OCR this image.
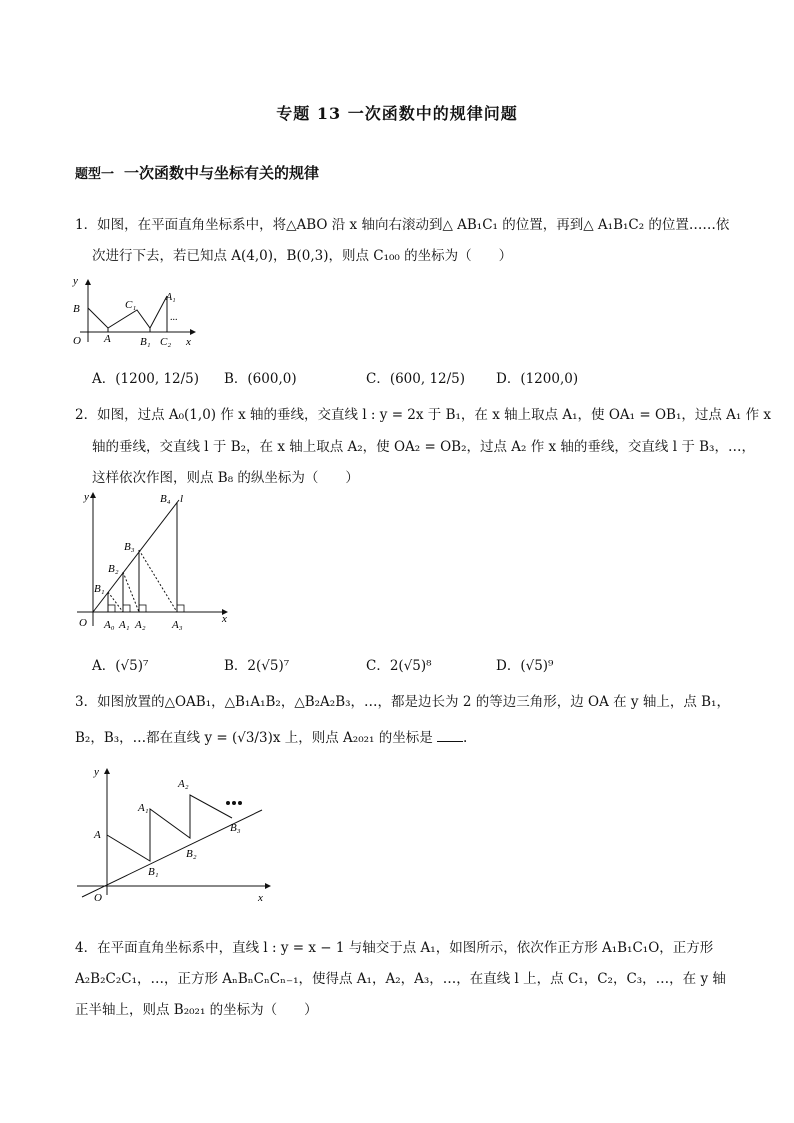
专题 13 一次函数中的规律问题
题型一 一次函数中与坐标有关的规律
1．如图，在平面直角坐标系中，将△ABO 沿 x 轴向右滚动到△ AB₁C₁ 的位置，再到△ A₁B₁C₂ 的位置……依
次进行下去，若已知点 A(4,0)，B(0,3)，则点 C₁₀₀ 的坐标为（　　）
y
O
B
A
C₁
B₁ C₂
A₁
...
x
A．(1200, 12/5) B．(600,0)	C．(600, 12/5) D．(1200,0)
2．如图，过点 A₀(1,0) 作 x 轴的垂线，交直线 l : y = 2x 于 B₁，在 x 轴上取点 A₁，使 OA₁ = OB₁，过点 A₁ 作 x
轴的垂线，交直线 l 于 B₂，在 x 轴上取点 A₂，使 OA₂ = OB₂，过点 A₂ 作 x 轴的垂线，交直线 l 于 B₃，…，
这样依次作图，则点 B₈ 的纵坐标为（　　）
y
x
O
B₄ l
B₃
B₂
B₁
A₀ A₁ A₂ A₃
A．(√5)⁷	B．2(√5)⁷	C．2(√5)⁸	D．(√5)⁹
3．如图放置的△OAB₁，△B₁A₁B₂，△B₂A₂B₃，…，都是边长为 2 的等边三角形，边 OA 在 y 轴上，点 B₁，
B₂，B₃，…都在直线 y = (√3/3)x 上，则点 A₂₀₂₁ 的坐标是 .
y
x
O
A
A₁
A₂
B₁
B₂
B₃
4．在平面直角坐标系中，直线 l : y = x − 1 与轴交于点 A₁，如图所示，依次作正方形 A₁B₁C₁O，正方形
A₂B₂C₂C₁，…，正方形 AₙBₙCₙCₙ₋₁，使得点 A₁，A₂，A₃，…，在直线 l 上，点 C₁，C₂，C₃，…，在 y 轴
正半轴上，则点 B₂₀₂₁ 的坐标为（　　）
